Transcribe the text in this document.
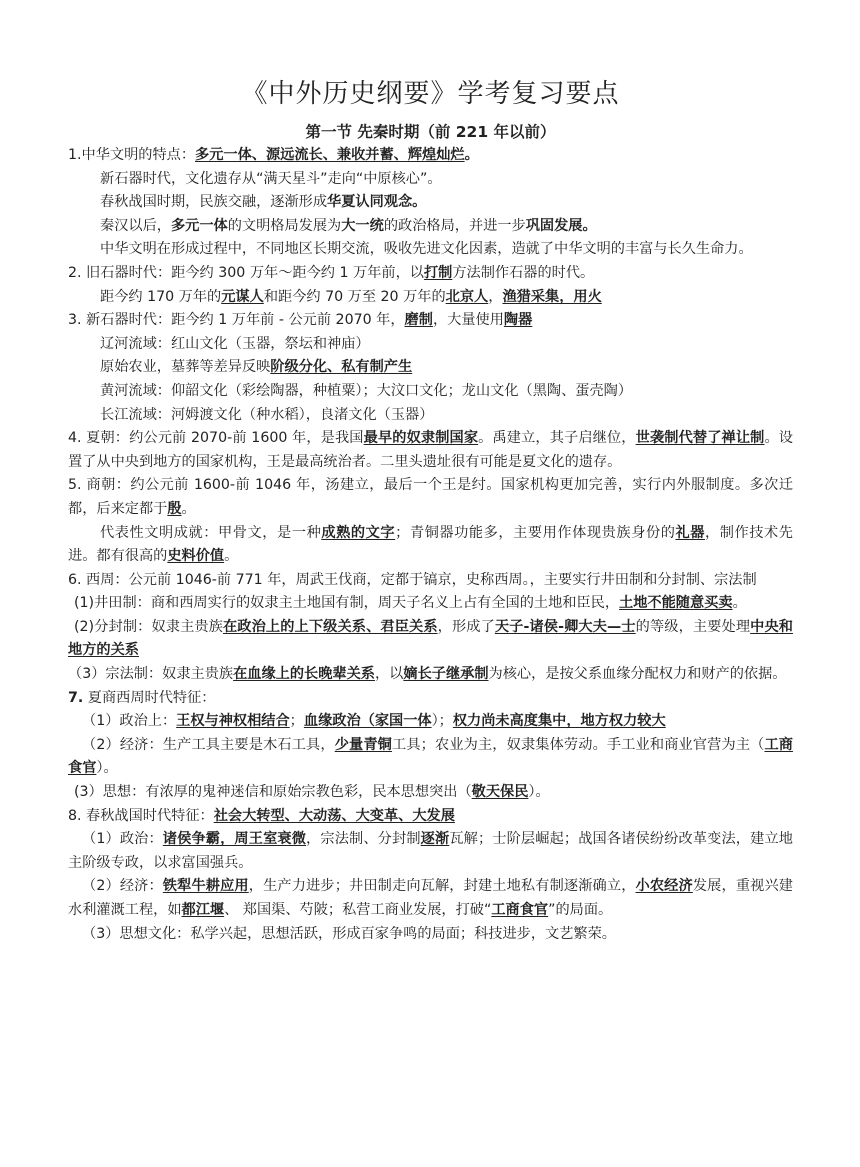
《中外历史纲要》学考复习要点
第一节 先秦时期（前 221 年以前）

1.中华文明的特点：多元一体、源远流长、兼收并蓄、辉煌灿烂。

新石器时代，文化遗存从“满天星斗”走向“中原核心”。

春秋战国时期，民族交融，逐渐形成华夏认同观念。

秦汉以后，多元一体的文明格局发展为大一统的政治格局，并进一步巩固发展。

中华文明在形成过程中，不同地区长期交流，吸收先进文化因素，造就了中华文明的丰富与长久生命力。

2. 旧石器时代：距今约 300 万年～距今约 1 万年前，以打制方法制作石器的时代。

距今约 170 万年的元谋人和距今约 70 万至 20 万年的北京人，渔猎采集，用火

3. 新石器时代：距今约 1 万年前 - 公元前 2070 年，磨制，大量使用陶器

辽河流域：红山文化（玉器，祭坛和神庙）

原始农业，墓葬等差异反映阶级分化、私有制产生

黄河流域：仰韶文化（彩绘陶器，种植粟）；大汶口文化；龙山文化（黑陶、蛋壳陶）

长江流域：河姆渡文化（种水稻），良渚文化（玉器）

4. 夏朝：约公元前 2070-前 1600 年，是我国最早的奴隶制国家。禹建立，其子启继位，世袭制代替了禅让制。设置了从中央到地方的国家机构，王是最高统治者。二里头遗址很有可能是夏文化的遗存。

5. 商朝：约公元前 1600-前 1046 年，汤建立，最后一个王是纣。国家机构更加完善，实行内外服制度。多次迁都，后来定都于殷。

代表性文明成就：甲骨文，是一种成熟的文字；青铜器功能多，主要用作体现贵族身份的礼器，制作技术先进。都有很高的史料价值。

6. 西周：公元前 1046-前 771 年，周武王伐商，定都于镐京，史称西周。，主要实行井田制和分封制、宗法制

(1)井田制：商和西周实行的奴隶主土地国有制，周天子名义上占有全国的土地和臣民，土地不能随意买卖。

(2)分封制：奴隶主贵族在政治上的上下级关系、君臣关系，形成了天子-诸侯-卿大夫—士的等级，主要处理中央和地方的关系

（3）宗法制：奴隶主贵族在血缘上的长晚辈关系，以嫡长子继承制为核心，是按父系血缘分配权力和财产的依据。

7. 夏商西周时代特征：

（1）政治上：王权与神权相结合；血缘政治（家国一体）；权力尚未高度集中，地方权力较大

（2）经济：生产工具主要是木石工具，少量青铜工具；农业为主，奴隶集体劳动。手工业和商业官营为主（工商食官）。

(3）思想：有浓厚的鬼神迷信和原始宗教色彩，民本思想突出（敬天保民）。

8. 春秋战国时代特征：社会大转型、大动荡、大变革、大发展

（1）政治：诸侯争霸，周王室衰微，宗法制、分封制逐渐瓦解；士阶层崛起；战国各诸侯纷纷改革变法，建立地主阶级专政，以求富国强兵。

（2）经济：铁犁牛耕应用，生产力进步；井田制走向瓦解，封建土地私有制逐渐确立，小农经济发展，重视兴建水利灌溉工程，如都江堰、 郑国渠、芍陂；私营工商业发展，打破“工商食官”的局面。

（3）思想文化：私学兴起，思想活跃，形成百家争鸣的局面；科技进步，文艺繁荣。
